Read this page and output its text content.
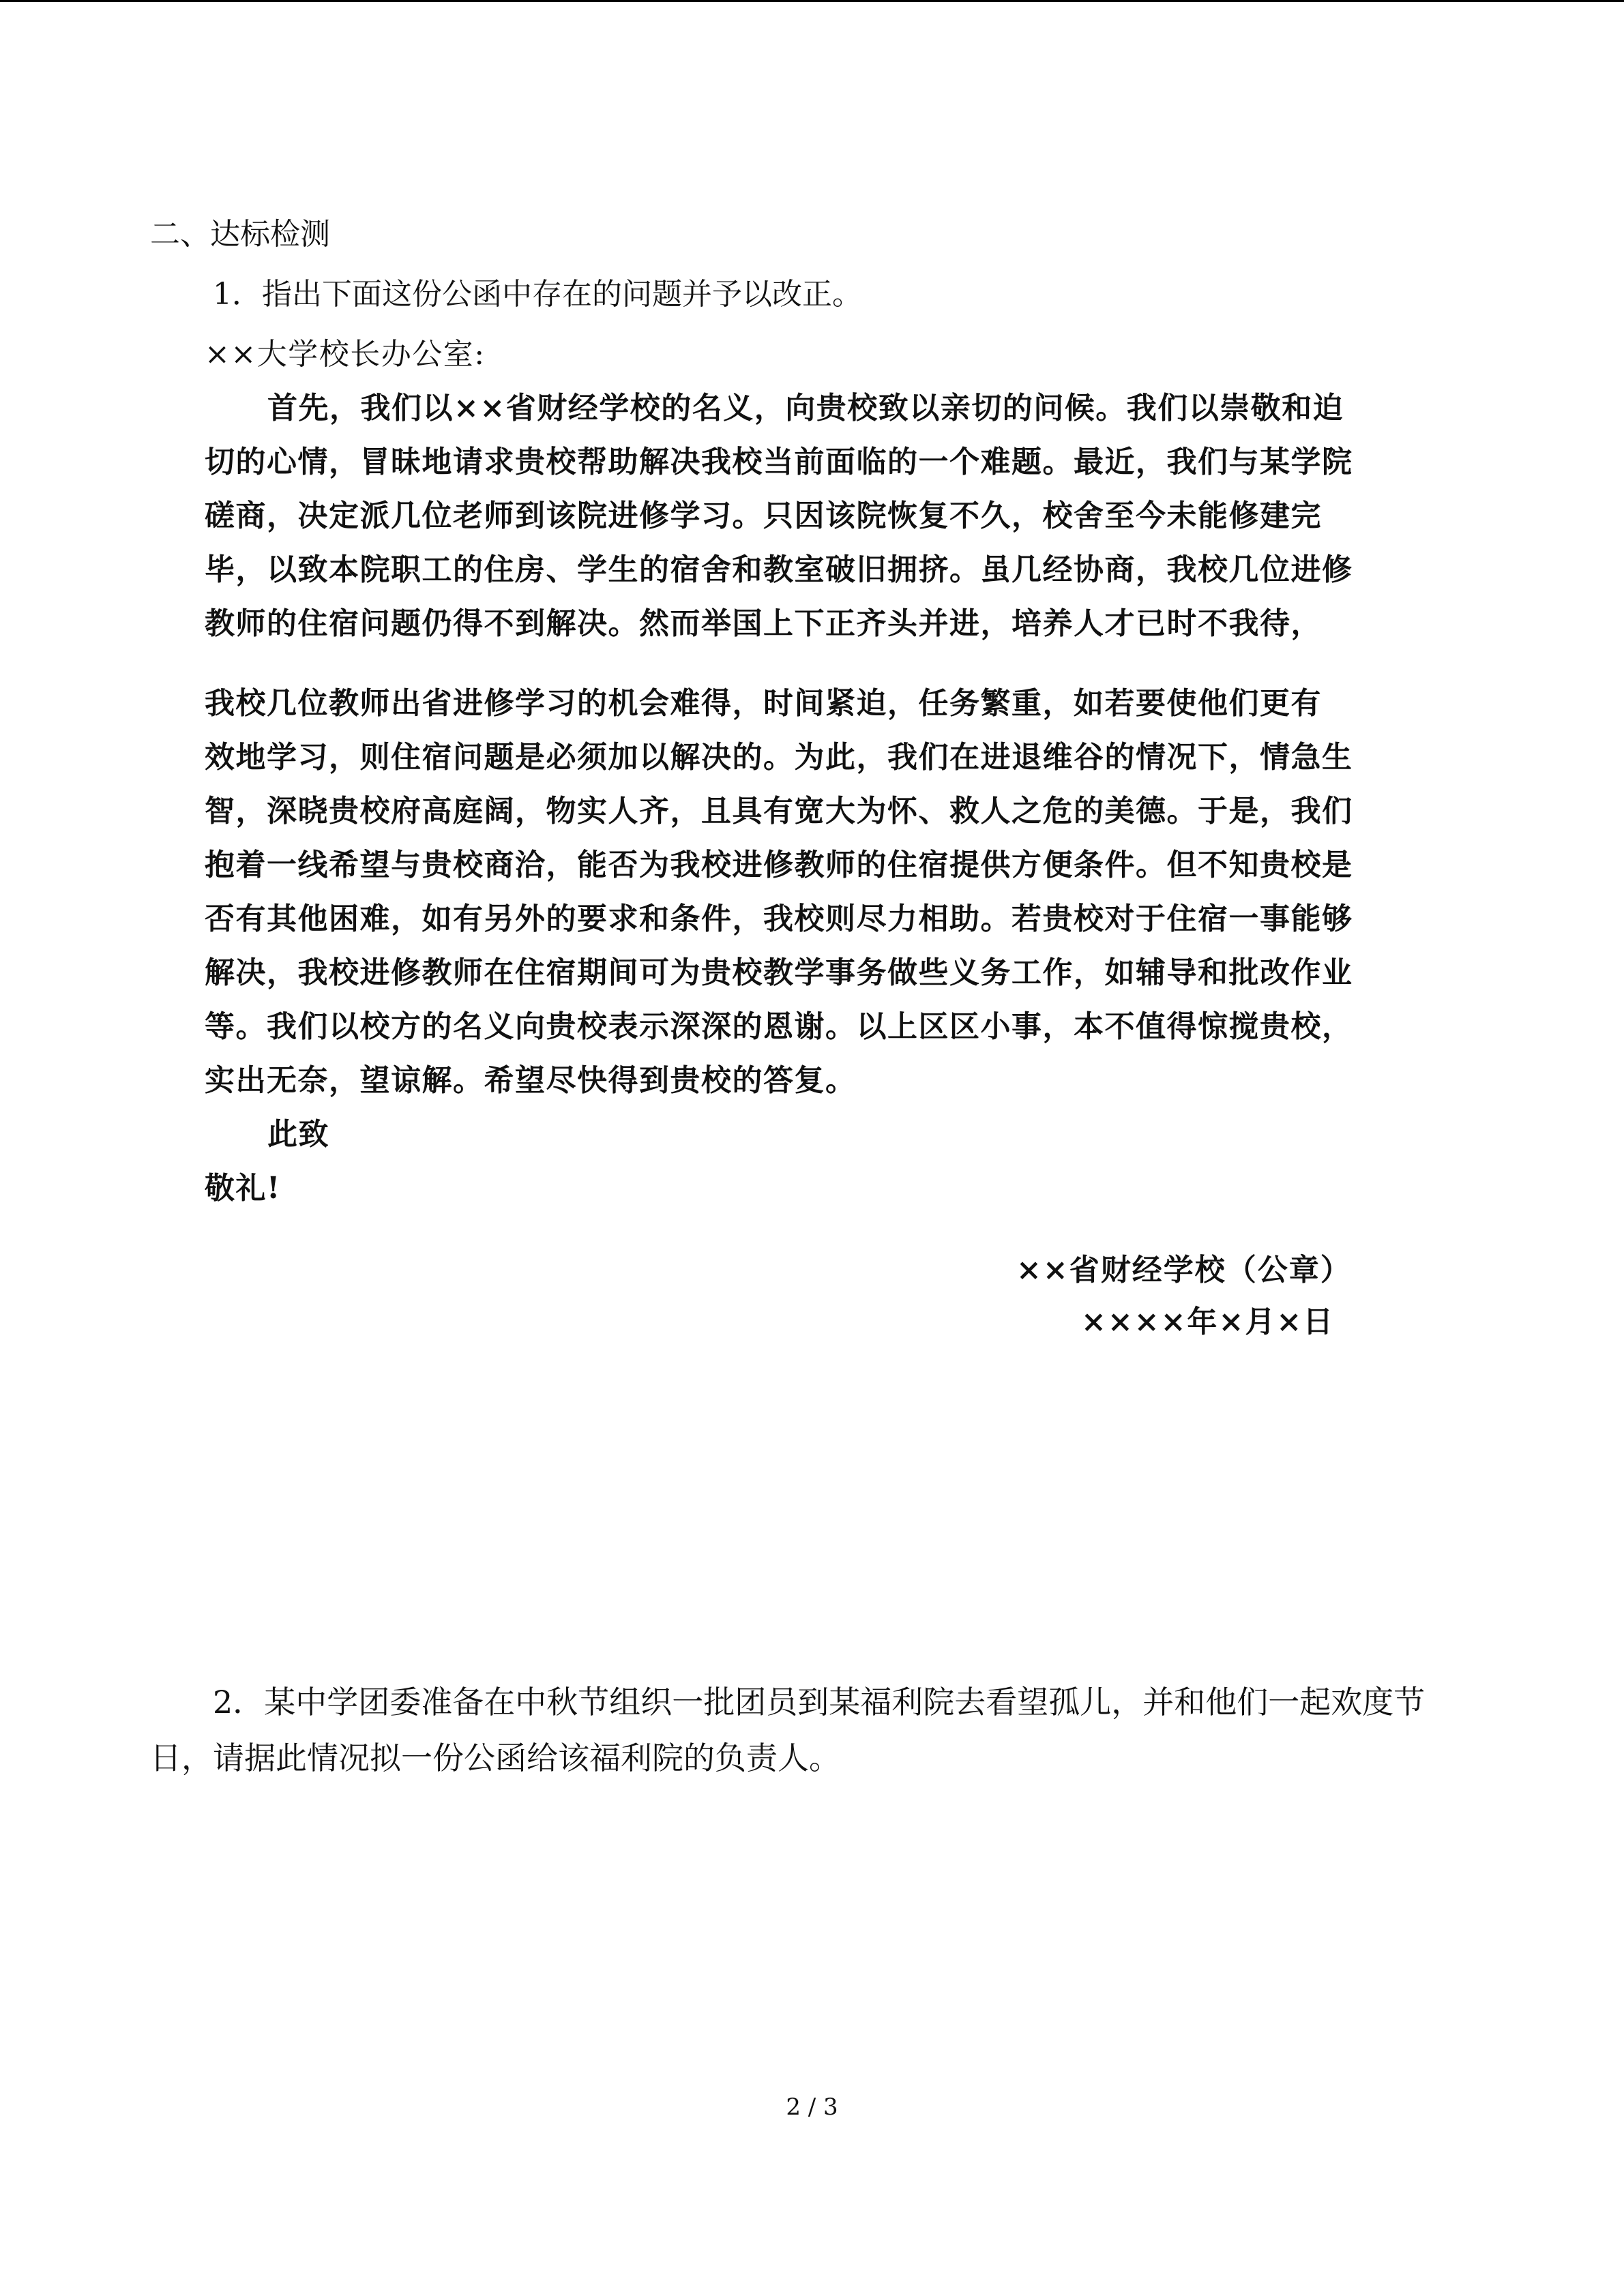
二、达标检测
1．指出下面这份公函中存在的问题并予以改正。
××大学校长办公室:
首先，我们以××省财经学校的名义，向贵校致以亲切的问候。我们以崇敬和迫
切的心情，冒昧地请求贵校帮助解决我校当前面临的一个难题。最近，我们与某学院
磋商，决定派几位老师到该院进修学习。只因该院恢复不久，校舍至今未能修建完
毕，以致本院职工的住房、学生的宿舍和教室破旧拥挤。虽几经协商，我校几位进修
教师的住宿问题仍得不到解决。然而举国上下正齐头并进，培养人才已时不我待，
我校几位教师出省进修学习的机会难得，时间紧迫，任务繁重，如若要使他们更有
效地学习，则住宿问题是必须加以解决的。为此，我们在进退维谷的情况下，情急生
智，深晓贵校府高庭阔，物实人齐，且具有宽大为怀、救人之危的美德。于是，我们
抱着一线希望与贵校商洽，能否为我校进修教师的住宿提供方便条件。但不知贵校是
否有其他困难，如有另外的要求和条件，我校则尽力相助。若贵校对于住宿一事能够
解决，我校进修教师在住宿期间可为贵校教学事务做些义务工作，如辅导和批改作业
等。我们以校方的名义向贵校表示深深的恩谢。以上区区小事，本不值得惊搅贵校，
实出无奈，望谅解。希望尽快得到贵校的答复。
此致
敬礼!
××省财经学校（公章）
××××年×月×日
2．某中学团委准备在中秋节组织一批团员到某福利院去看望孤儿，并和他们一起欢度节
日，请据此情况拟一份公函给该福利院的负责人。
2 / 3
